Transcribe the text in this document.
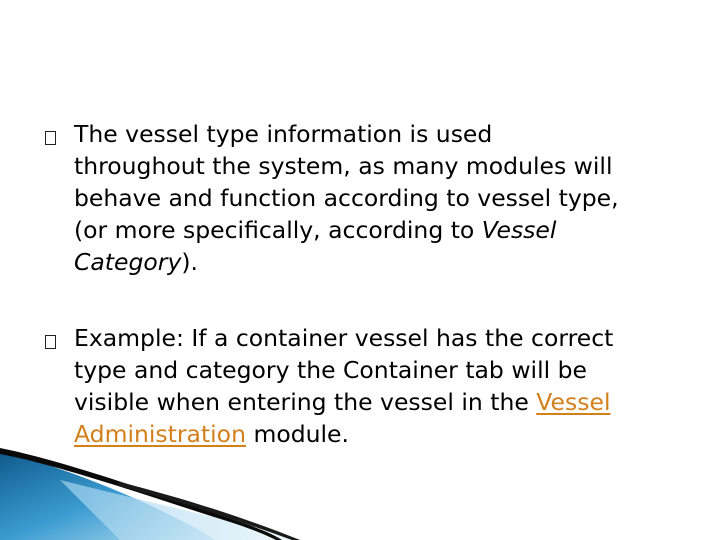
The vessel type information is used
throughout the system, as many modules will
behave and function according to vessel type,
(or more specifically, according to Vessel
Category).
Example: If a container vessel has the correct
type and category the Container tab will be
visible when entering the vessel in the Vessel
Administration module.
